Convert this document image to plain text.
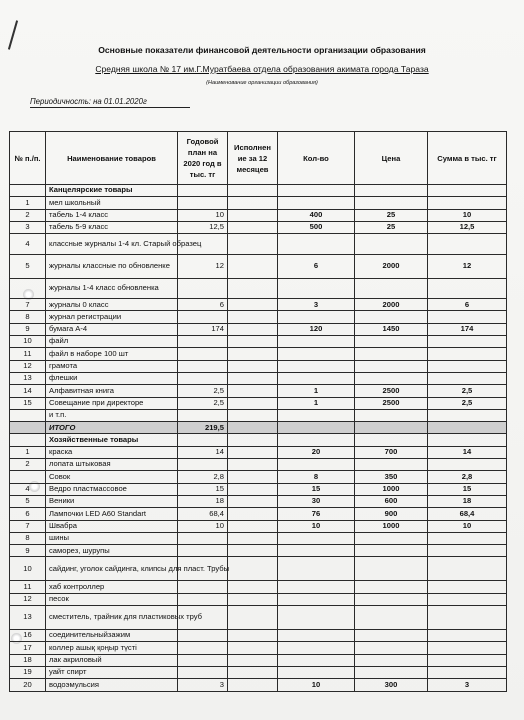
Основные показатели финансовой деятельности организации образования
Средняя школа № 17 им.Г.Муратбаева отдела образования акимата города Тараза
(Наименование организации образования)
Периодичность: на 01.01.2020г
№ п./п.	Наименование товаров	Годовой план на 2020 год в тыс. тг	Исполнен ие за 12 месяцев	Кол-во	Цена	Сумма в тыс. тг
	Канцелярские товары					
1	мел школьный					
2	табель 1-4 класс	10		400	25	10
3	табель 5-9 класс	12,5		500	25	12,5
4	классные журналы 1-4 кл. Старый образец					
5	журналы классные по обновленке	12		6	2000	12
	журналы 1-4 класс обновленка					
7	журналы 0 класс	6		3	2000	6
8	журнал регистрации					
9	бумага А-4	174		120	1450	174
10	файл					
11	файл в наборе 100 шт					
12	грамота					
13	флешки					
14	Алфавитная книга	2,5		1	2500	2,5
15	Совещание при директоре	2,5		1	2500	2,5
	и т.п.					
	ИТОГО	219,5				
	Хозяйственные товары					
1	краска	14		20	700	14
2	лопата штыковая					
	Совок	2,8		8	350	2,8
4	Ведро пластмассовое	15		15	1000	15
5	Веники	18		30	600	18
6	Лампочки LED A60 Standart	68,4		76	900	68,4
7	Швабра	10		10	1000	10
8	шины					
9	саморез, шурупы					
10	сайдинг, уголок сайдинга, клипсы для пласт. Трубы					
11	хаб контроллер					
12	песок					
13	сместитель, трайник для пластиковых труб					
16	соединительныйзажим					
17	коллер ашық қоңыр түсті					
18	лак акриловый					
19	уайт спирт					
20	водоэмульсия	3		10	300	3
